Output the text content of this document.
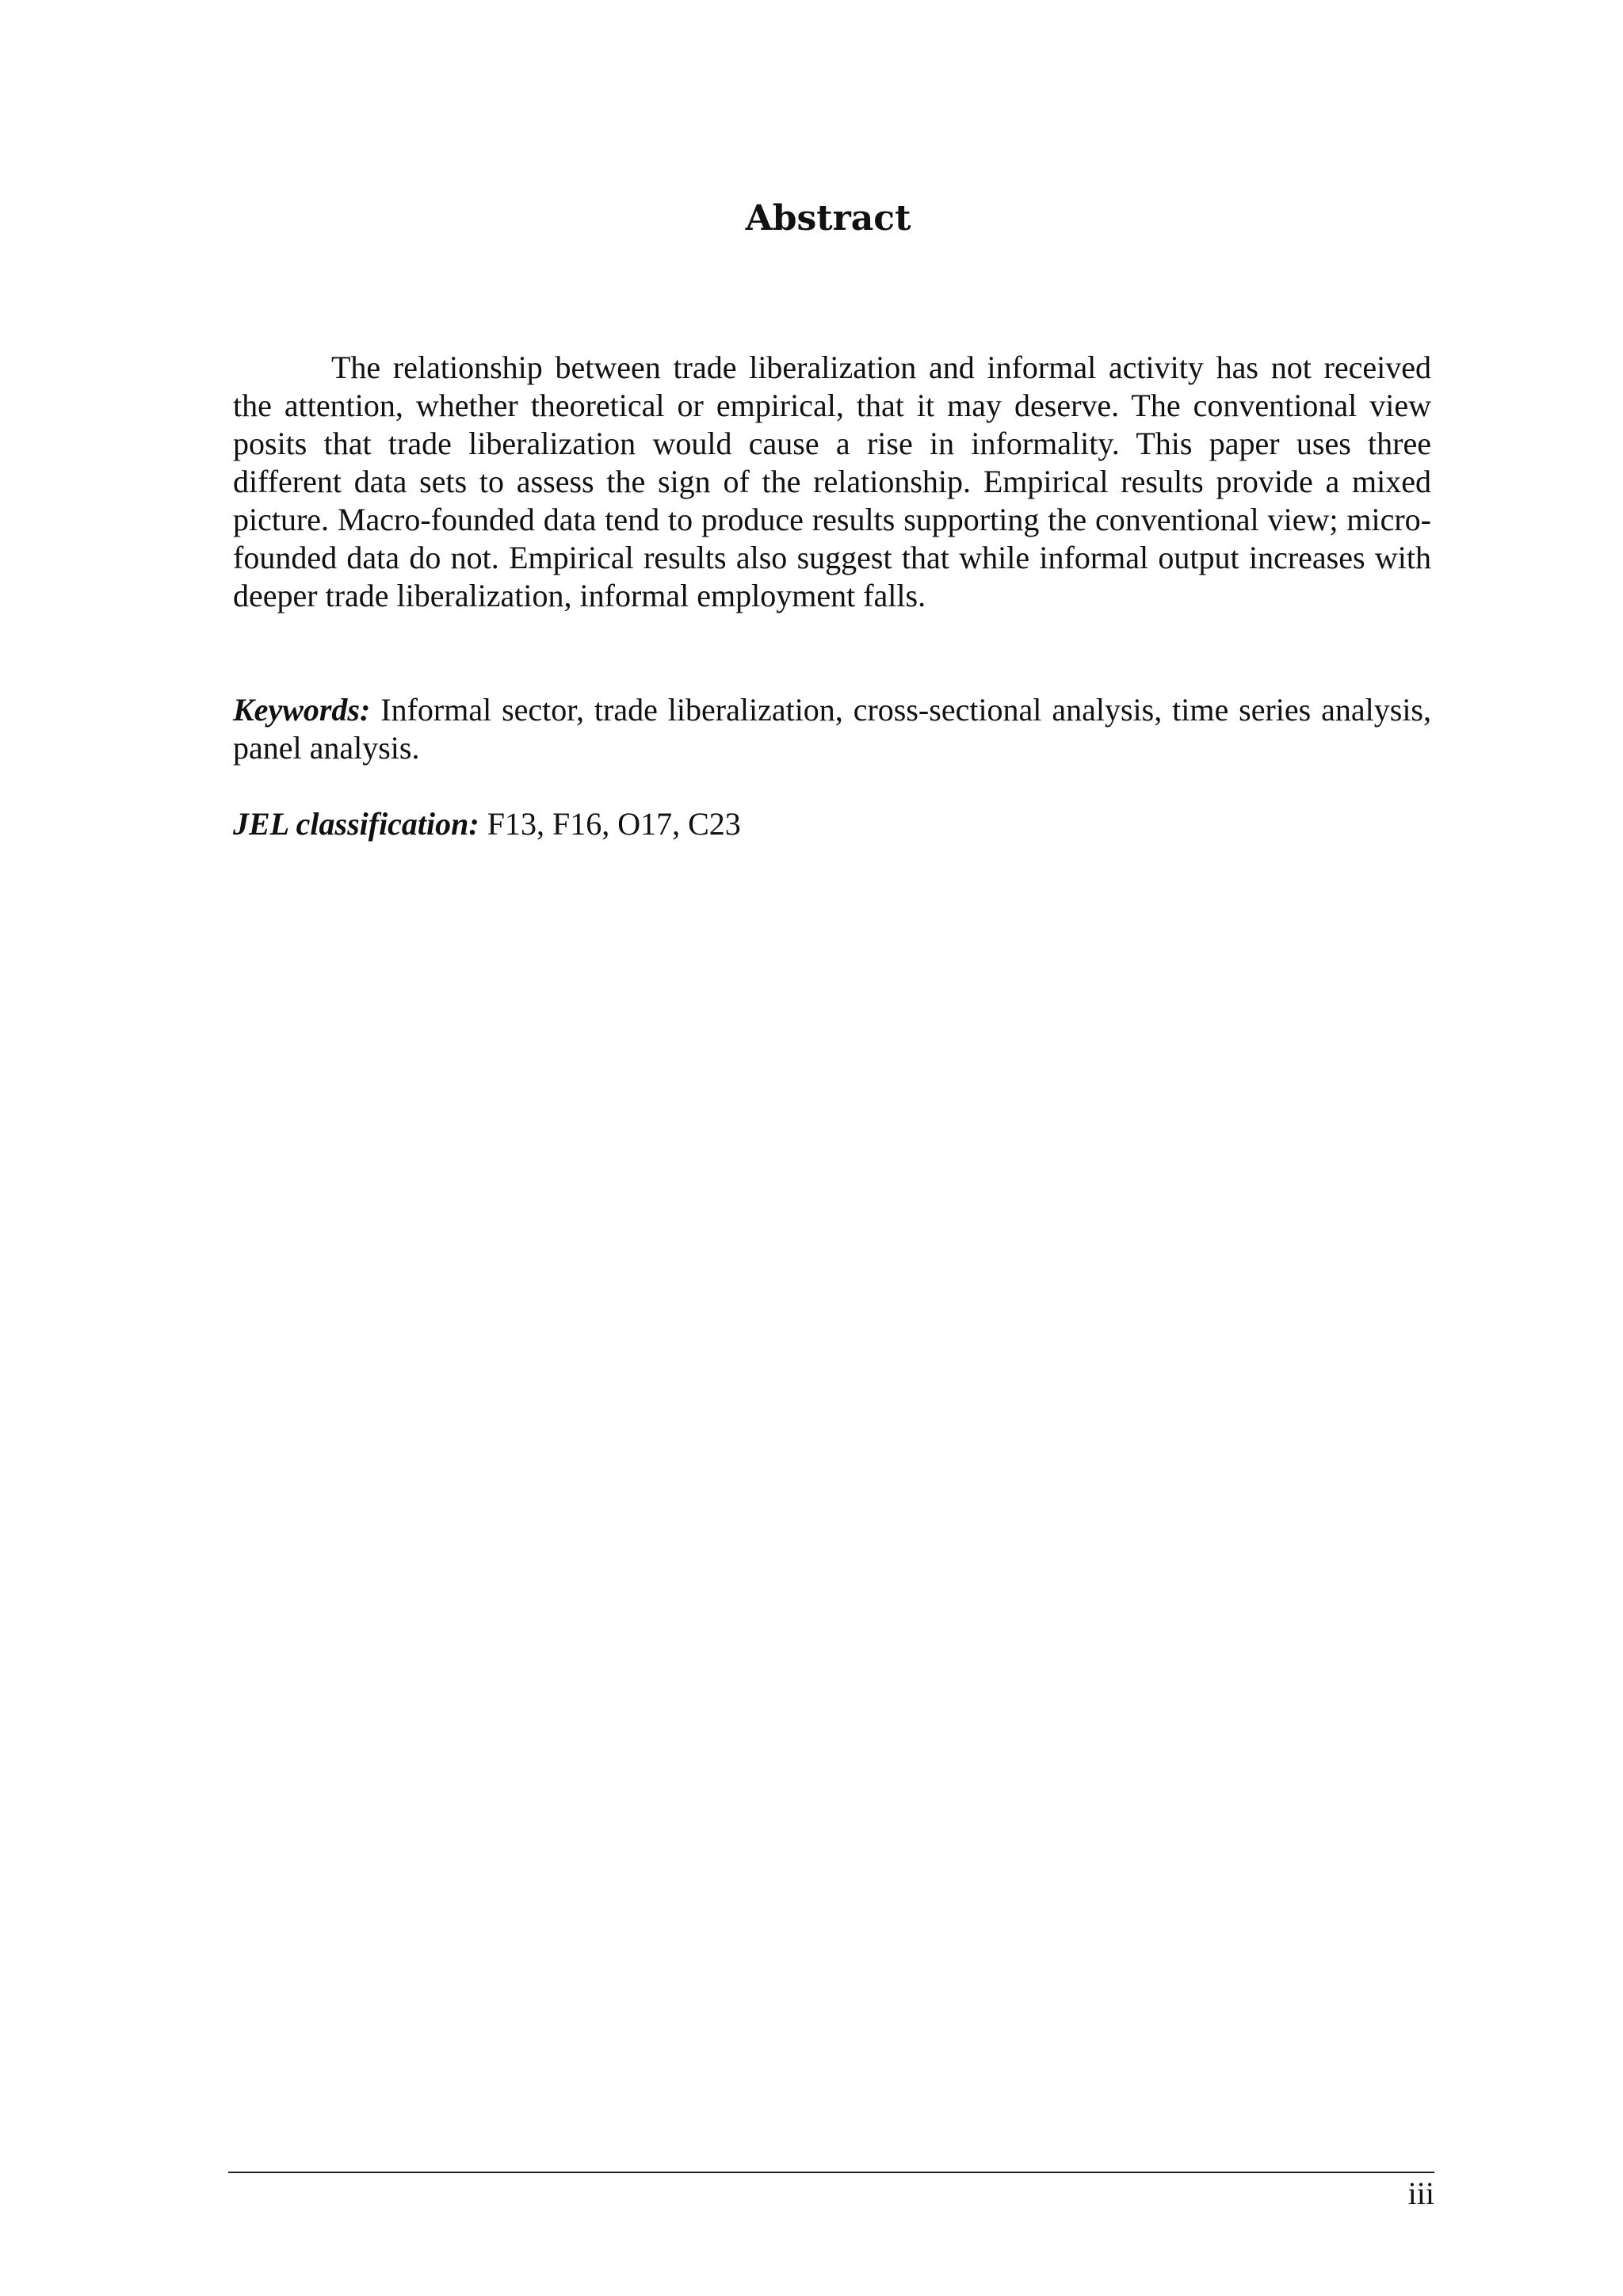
Abstract

The relationship between trade liberalization and informal activity has not received the attention, whether theoretical or empirical, that it may deserve. The conventional view posits that trade liberalization would cause a rise in informality. This paper uses three different data sets to assess the sign of the relationship. Empirical results provide a mixed picture. Macro-founded data tend to produce results supporting the conventional view; micro-founded data do not. Empirical results also suggest that while informal output increases with deeper trade liberalization, informal employment falls.

Keywords: Informal sector, trade liberalization, cross-sectional analysis, time series analysis, panel analysis.

JEL classification: F13, F16, O17, C23

iii
